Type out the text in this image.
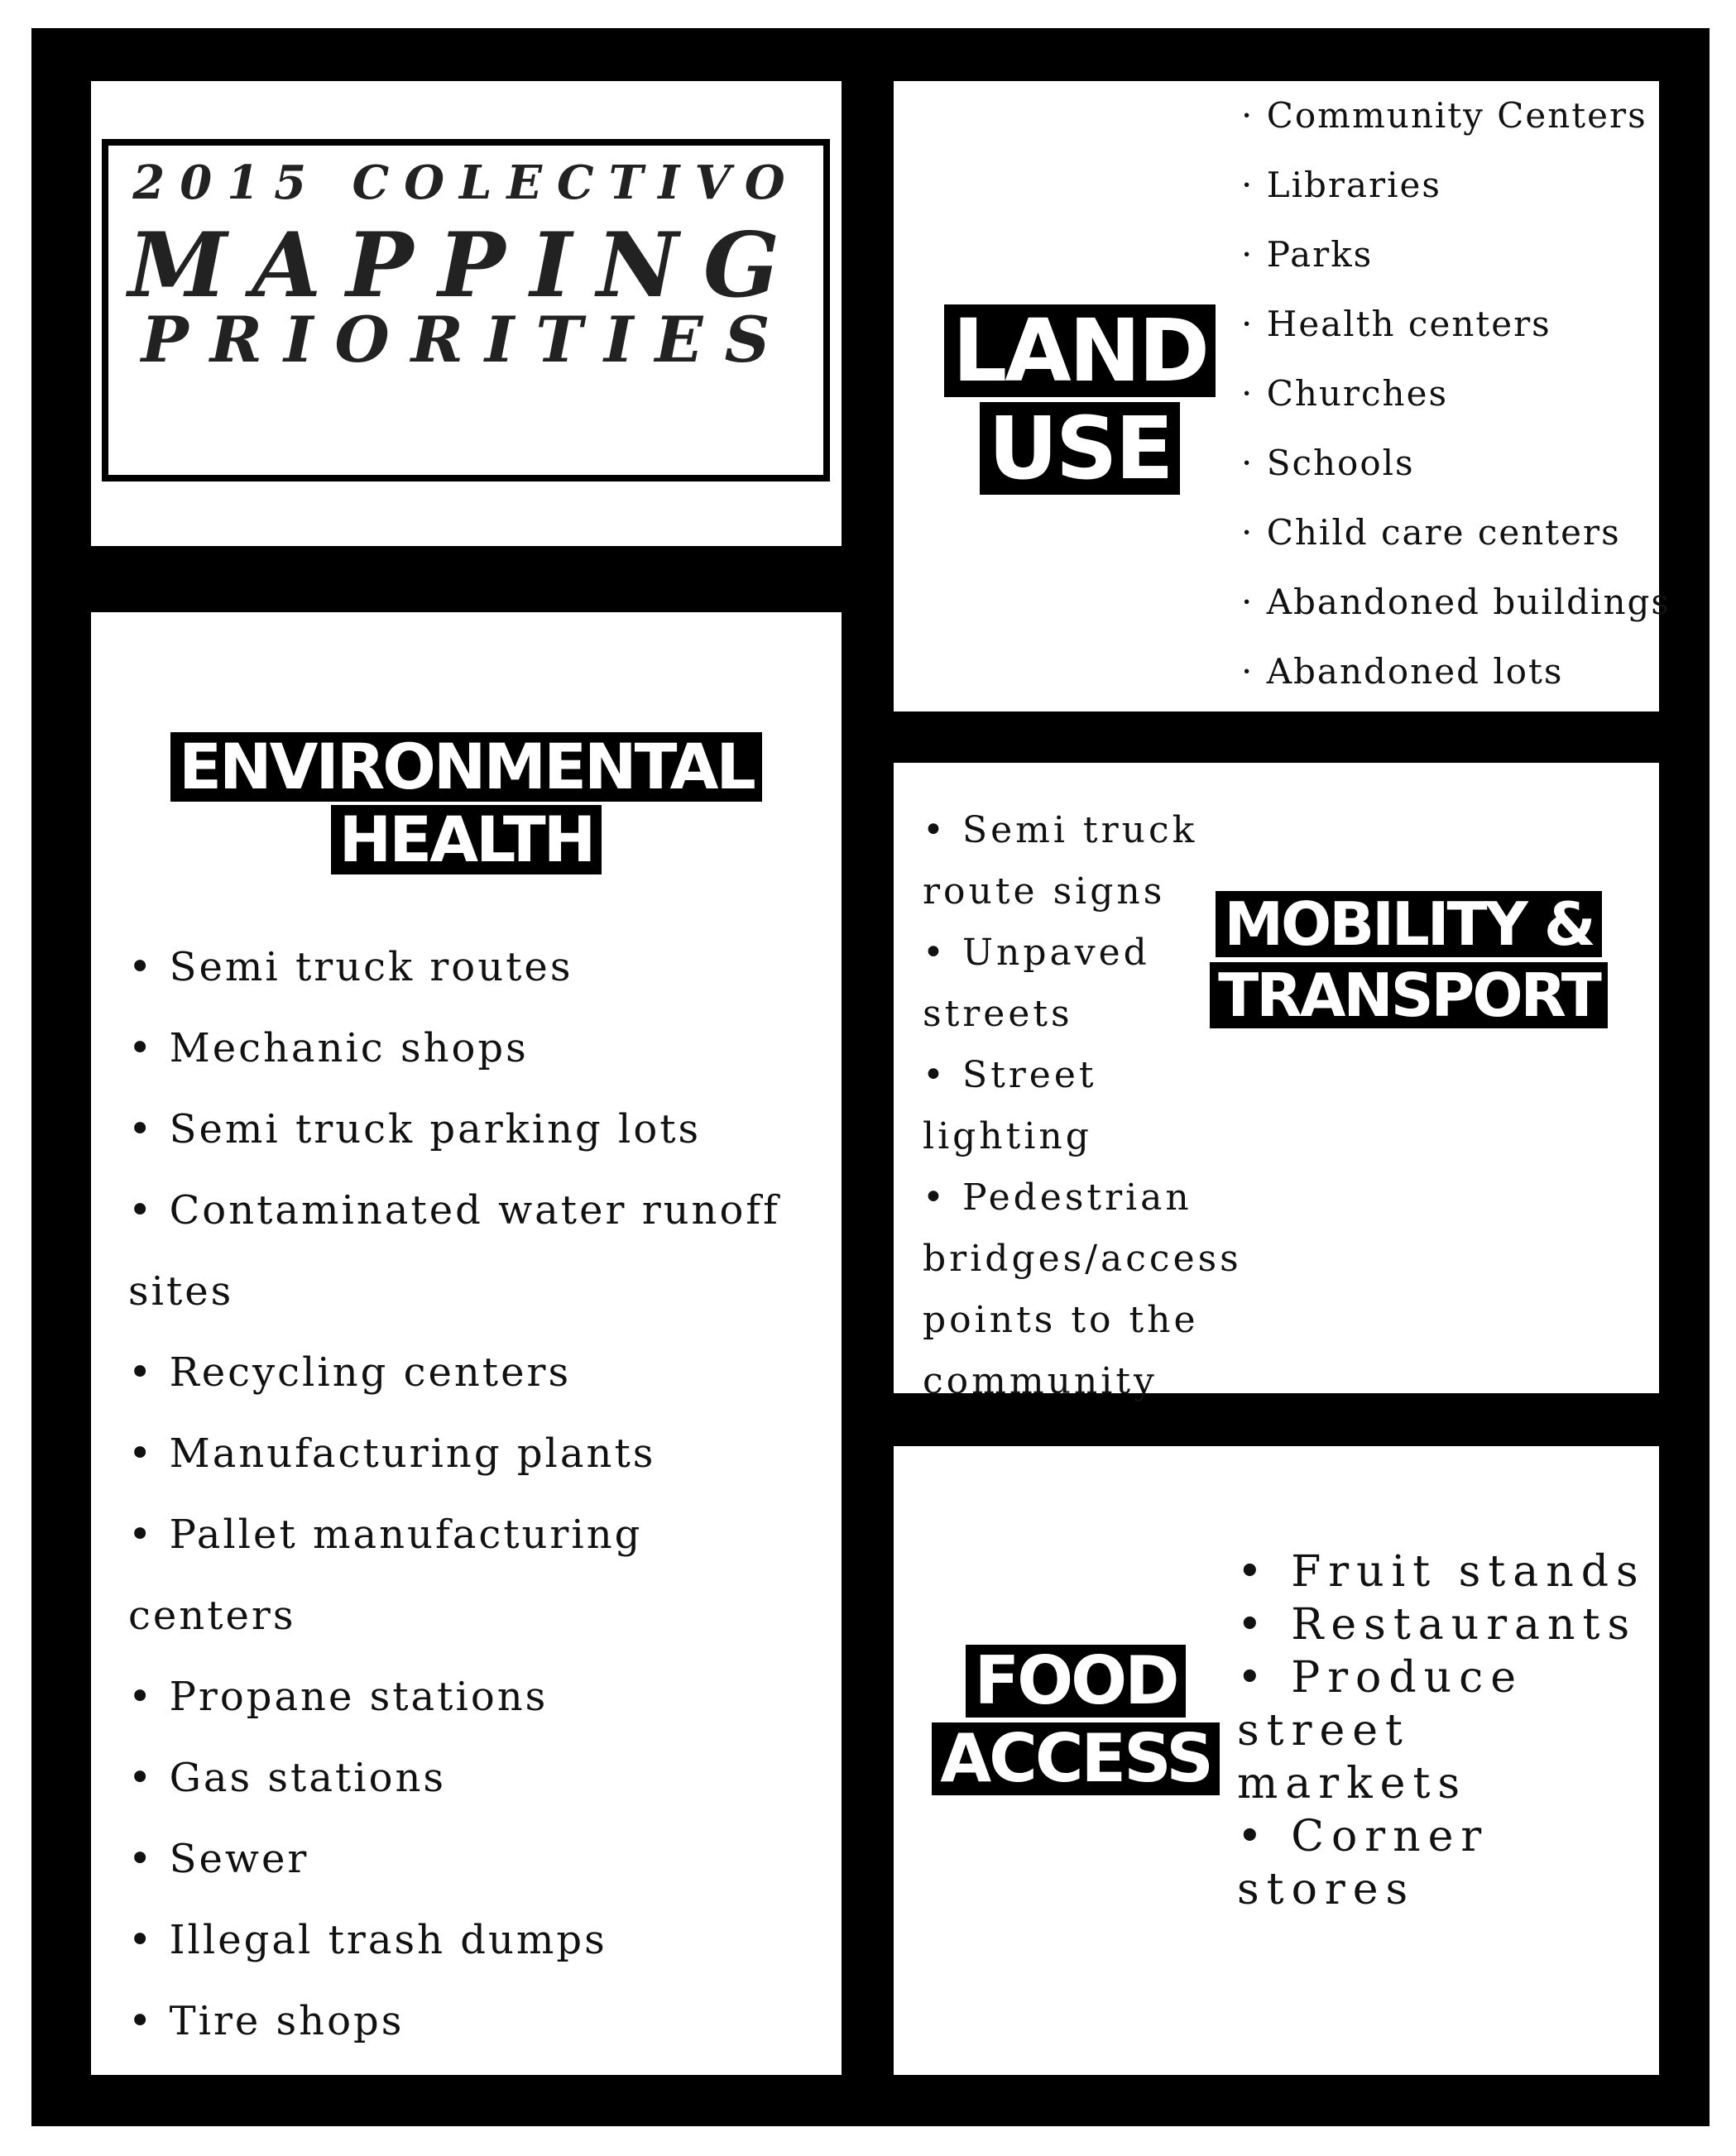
2015 COLECTIVO
MAPPING
PRIORITIES	LAND
USE
· Community Centers
· Libraries
· Parks
· Health centers
· Churches
· Schools
· Child care centers
· Abandoned buildings
· Abandoned lots
ENVIRONMENTAL
HEALTH
• Semi truck routes
• Mechanic shops
• Semi truck parking lots
• Contaminated water runoff sites
• Recycling centers
• Manufacturing plants
• Pallet manufacturing centers
• Propane stations
• Gas stations
• Sewer
• Illegal trash dumps
• Tire shops
• Semi truck route signs
• Unpaved streets
• Street lighting
• Pedestrian bridges/access points to the community
MOBILITY &
TRANSPORT
FOOD
ACCESS
• Fruit stands
• Restaurants
• Produce street markets
• Corner stores
